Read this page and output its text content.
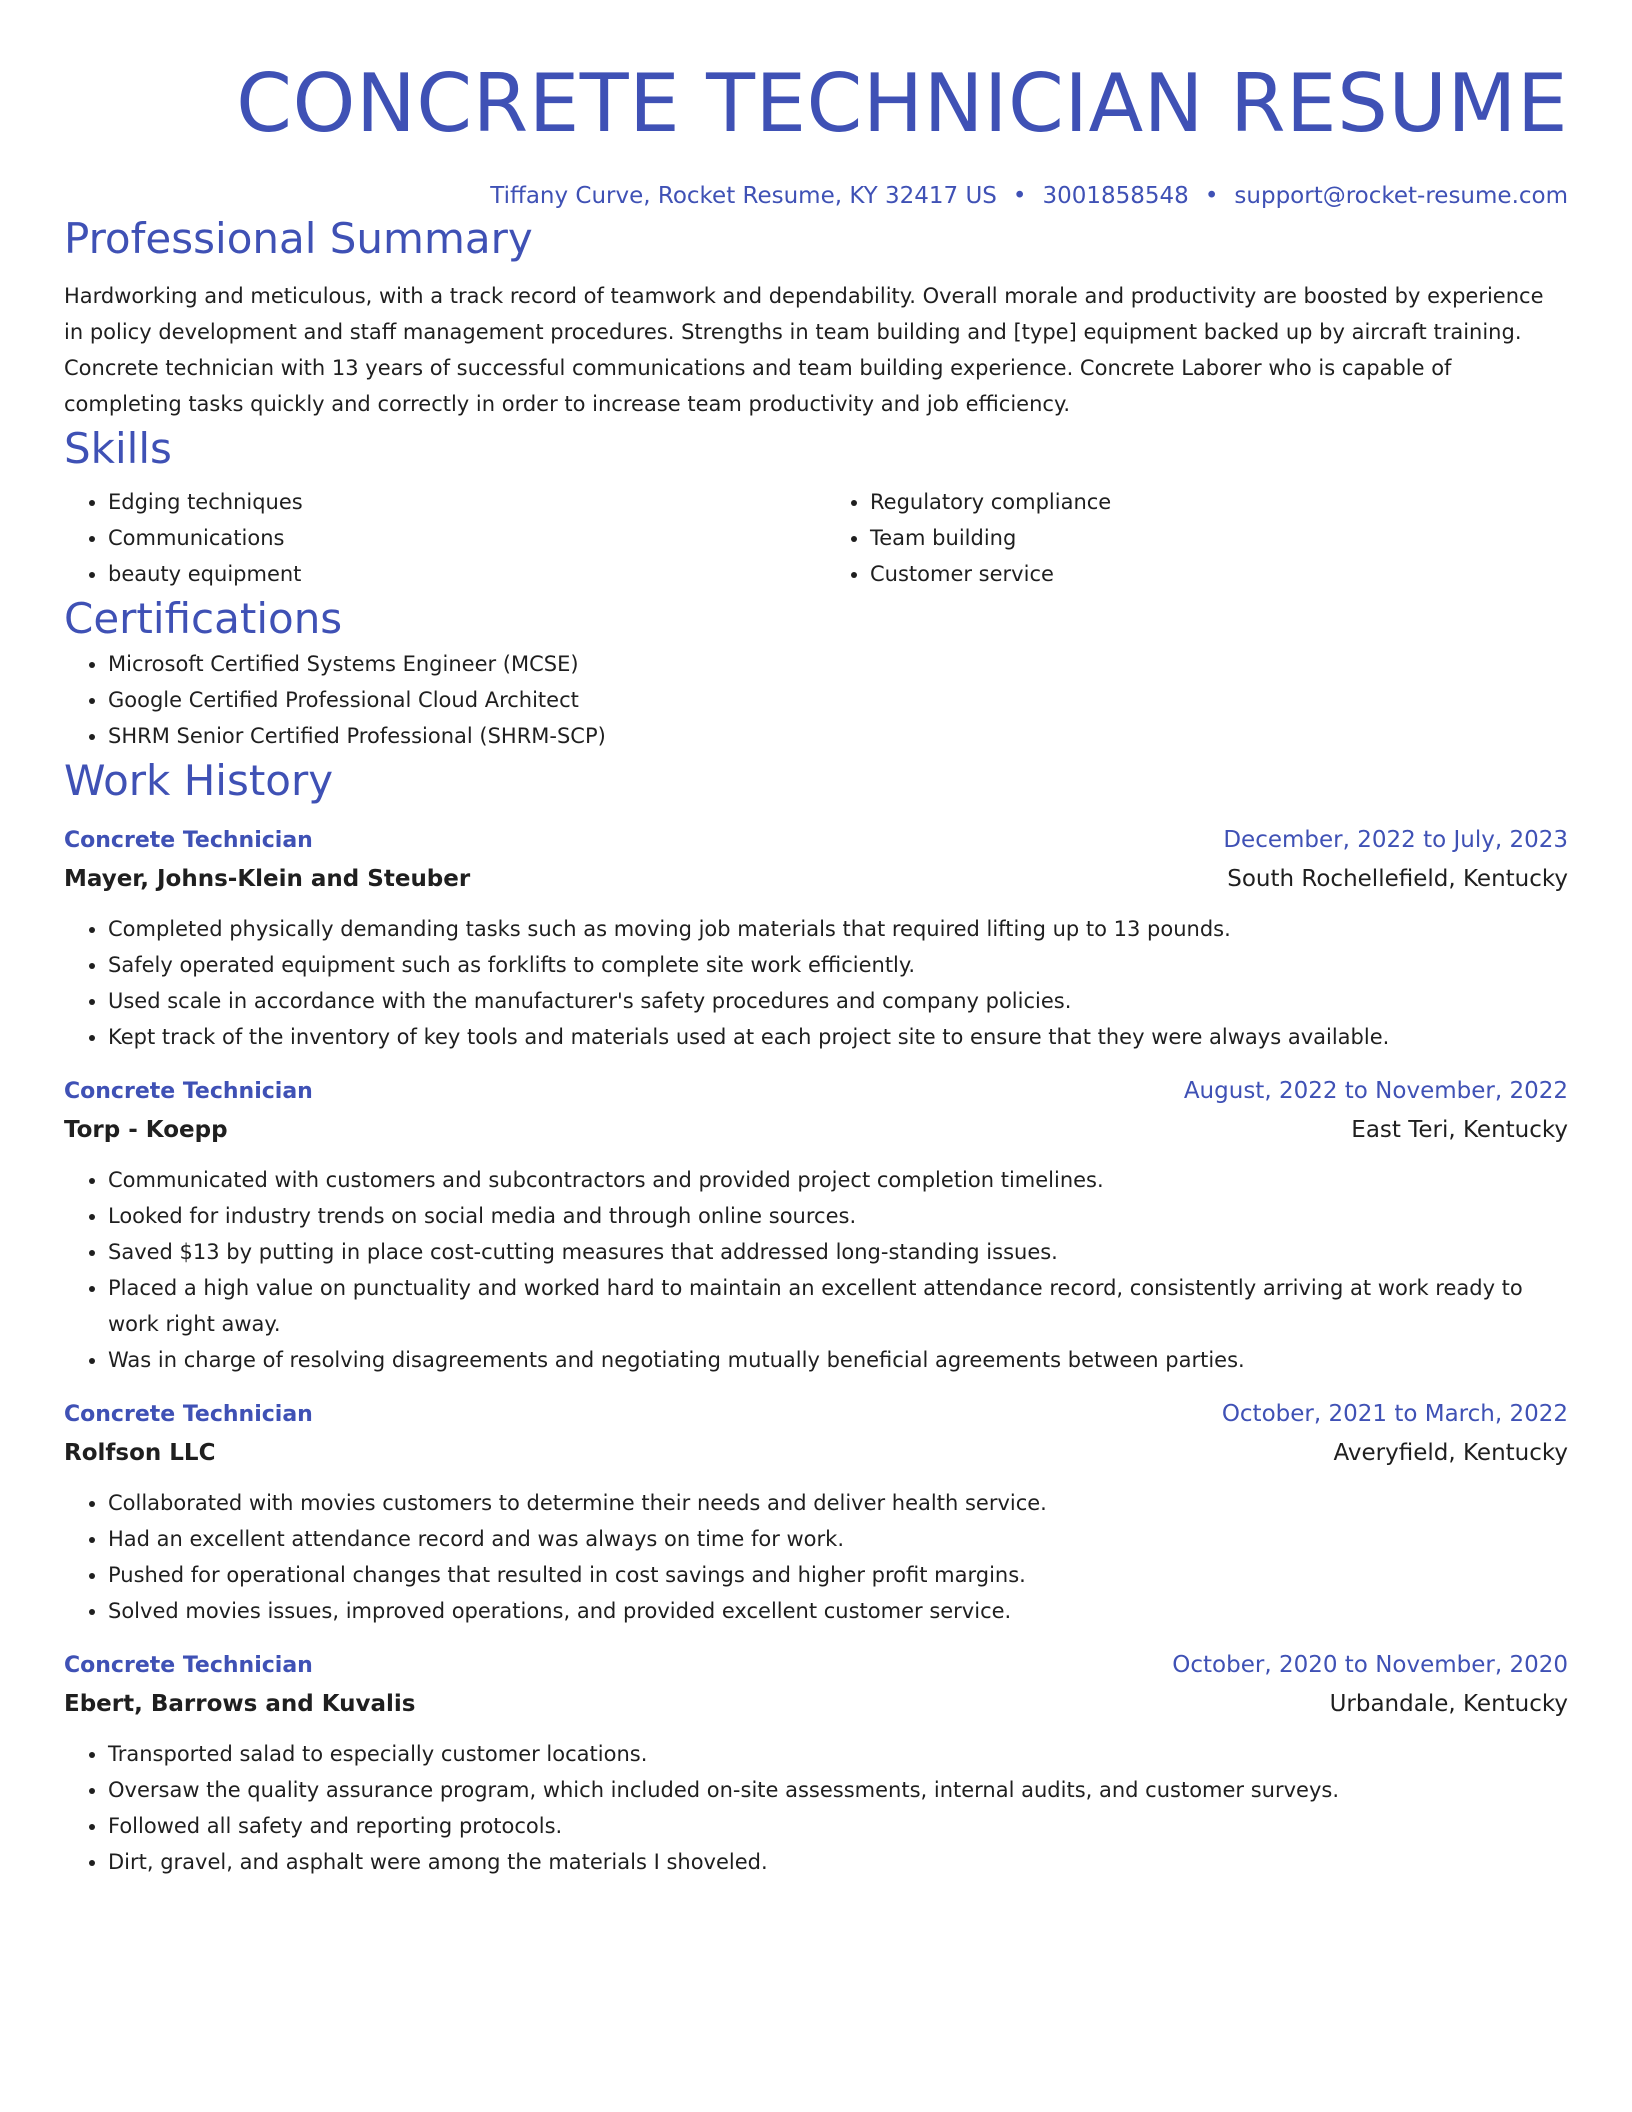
CONCRETE TECHNICIAN RESUME
Tiffany Curve, Rocket Resume, KY 32417 US • 3001858548 • support@rocket-resume.com
Professional Summary
Hardworking and meticulous, with a track record of teamwork and dependability. Overall morale and productivity are boosted by experience in policy development and staff management procedures. Strengths in team building and [type] equipment backed up by aircraft training. Concrete technician with 13 years of successful communications and team building experience. Concrete Laborer who is capable of completing tasks quickly and correctly in order to increase team productivity and job efficiency.
Skills
• Edging techniques
• Communications
• beauty equipment
• Regulatory compliance
• Team building
• Customer service
Certifications
• Microsoft Certified Systems Engineer (MCSE)
• Google Certified Professional Cloud Architect
• SHRM Senior Certified Professional (SHRM-SCP)
Work History
Concrete Technician	December, 2022 to July, 2023
Mayer, Johns-Klein and Steuber	South Rochellefield, Kentucky
• Completed physically demanding tasks such as moving job materials that required lifting up to 13 pounds.
• Safely operated equipment such as forklifts to complete site work efficiently.
• Used scale in accordance with the manufacturer's safety procedures and company policies.
• Kept track of the inventory of key tools and materials used at each project site to ensure that they were always available.
Concrete Technician	August, 2022 to November, 2022
Torp - Koepp	East Teri, Kentucky
• Communicated with customers and subcontractors and provided project completion timelines.
• Looked for industry trends on social media and through online sources.
• Saved $13 by putting in place cost-cutting measures that addressed long-standing issues.
• Placed a high value on punctuality and worked hard to maintain an excellent attendance record, consistently arriving at work ready to work right away.
• Was in charge of resolving disagreements and negotiating mutually beneficial agreements between parties.
Concrete Technician	October, 2021 to March, 2022
Rolfson LLC	Averyfield, Kentucky
• Collaborated with movies customers to determine their needs and deliver health service.
• Had an excellent attendance record and was always on time for work.
• Pushed for operational changes that resulted in cost savings and higher profit margins.
• Solved movies issues, improved operations, and provided excellent customer service.
Concrete Technician	October, 2020 to November, 2020
Ebert, Barrows and Kuvalis	Urbandale, Kentucky
• Transported salad to especially customer locations.
• Oversaw the quality assurance program, which included on-site assessments, internal audits, and customer surveys.
• Followed all safety and reporting protocols.
• Dirt, gravel, and asphalt were among the materials I shoveled.
